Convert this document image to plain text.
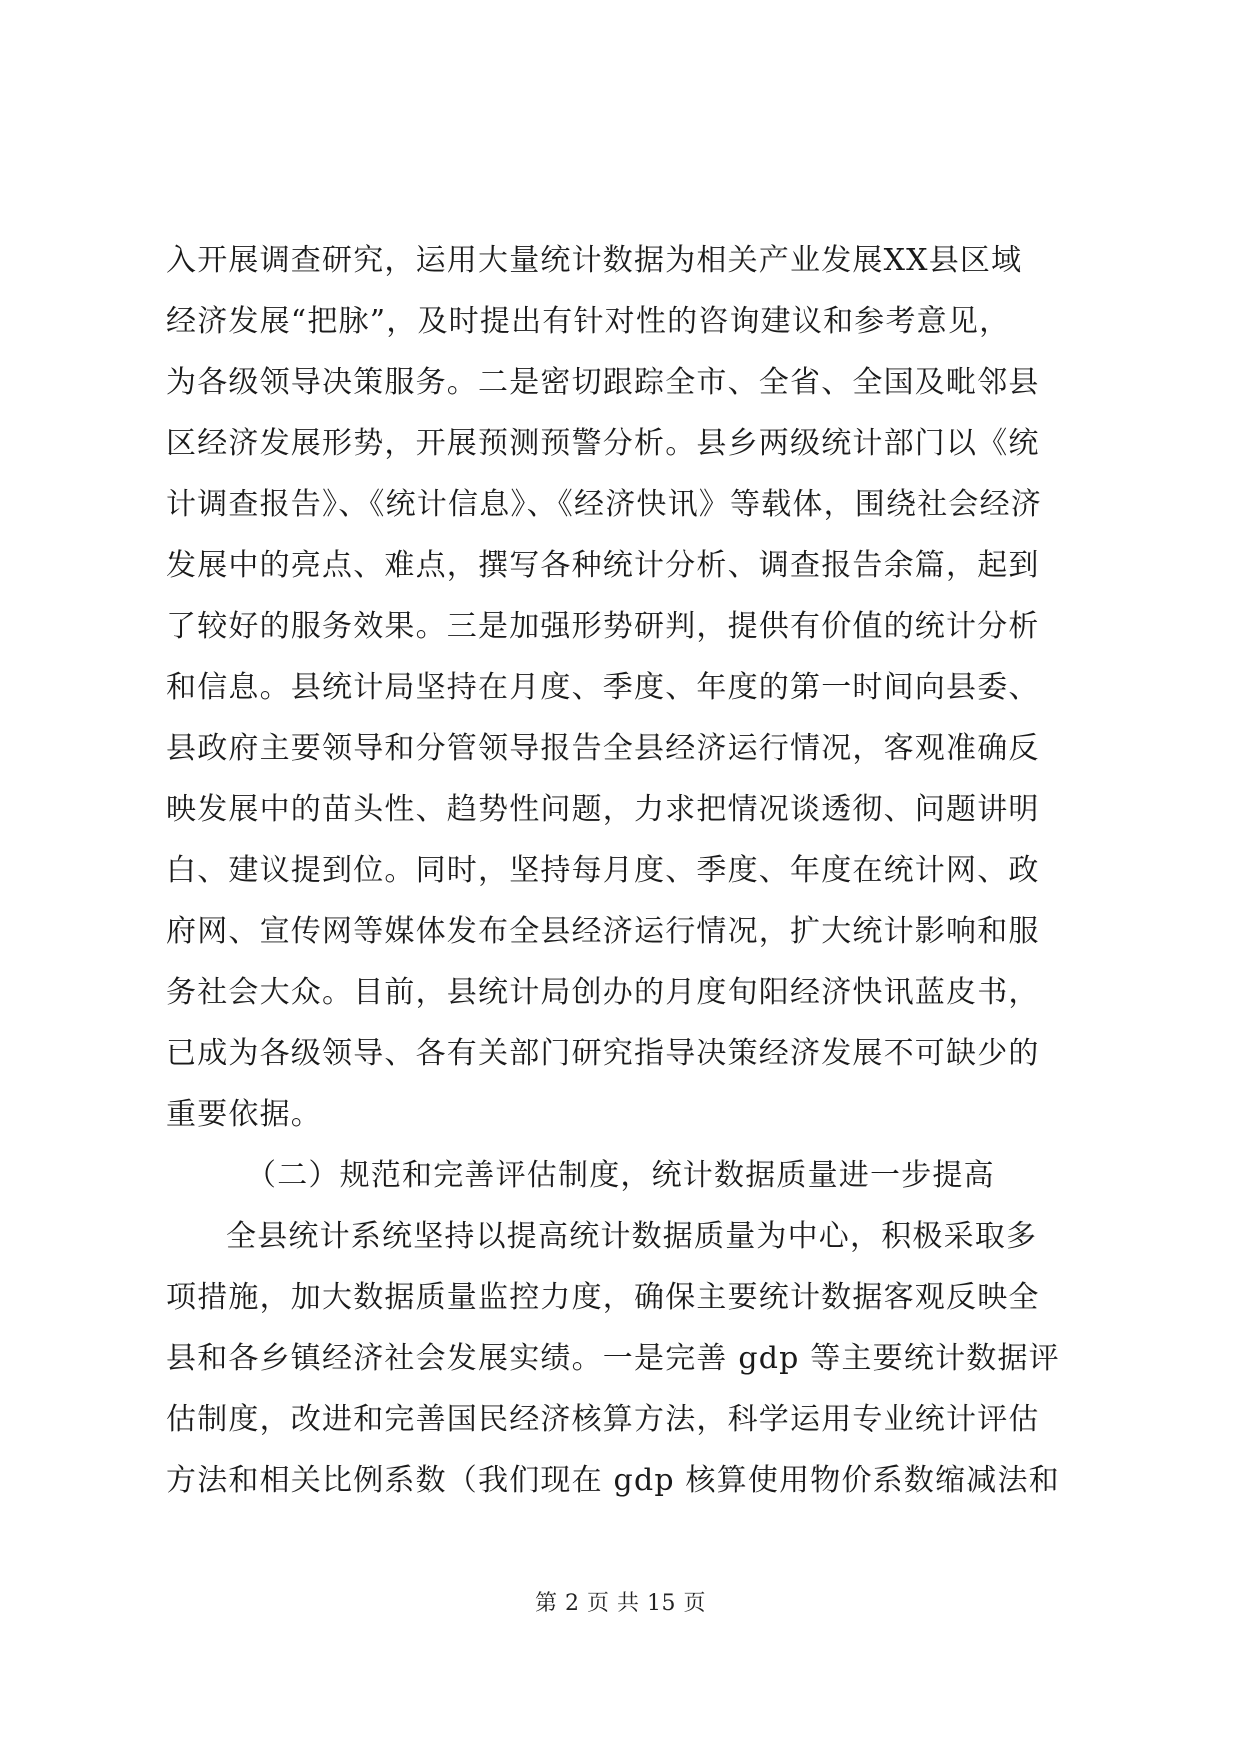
入开展调查研究，运用大量统计数据为相关产业发展XX县区域
经济发展“把脉”，及时提出有针对性的咨询建议和参考意见，
为各级领导决策服务。二是密切跟踪全市、全省、全国及毗邻县
区经济发展形势，开展预测预警分析。县乡两级统计部门以《统
计调查报告》、《统计信息》、《经济快讯》等载体，围绕社会经济
发展中的亮点、难点，撰写各种统计分析、调查报告余篇，起到
了较好的服务效果。三是加强形势研判，提供有价值的统计分析
和信息。县统计局坚持在月度、季度、年度的第一时间向县委、
县政府主要领导和分管领导报告全县经济运行情况，客观准确反
映发展中的苗头性、趋势性问题，力求把情况谈透彻、问题讲明
白、建议提到位。同时，坚持每月度、季度、年度在统计网、政
府网、宣传网等媒体发布全县经济运行情况，扩大统计影响和服
务社会大众。目前，县统计局创办的月度旬阳经济快讯蓝皮书，
已成为各级领导、各有关部门研究指导决策经济发展不可缺少的
重要依据。
（二）规范和完善评估制度，统计数据质量进一步提高
全县统计系统坚持以提高统计数据质量为中心，积极采取多
项措施，加大数据质量监控力度，确保主要统计数据客观反映全
县和各乡镇经济社会发展实绩。一是完善 gdp 等主要统计数据评
估制度，改进和完善国民经济核算方法，科学运用专业统计评估
方法和相关比例系数（我们现在 gdp 核算使用物价系数缩减法和
第 2 页 共 15 页
